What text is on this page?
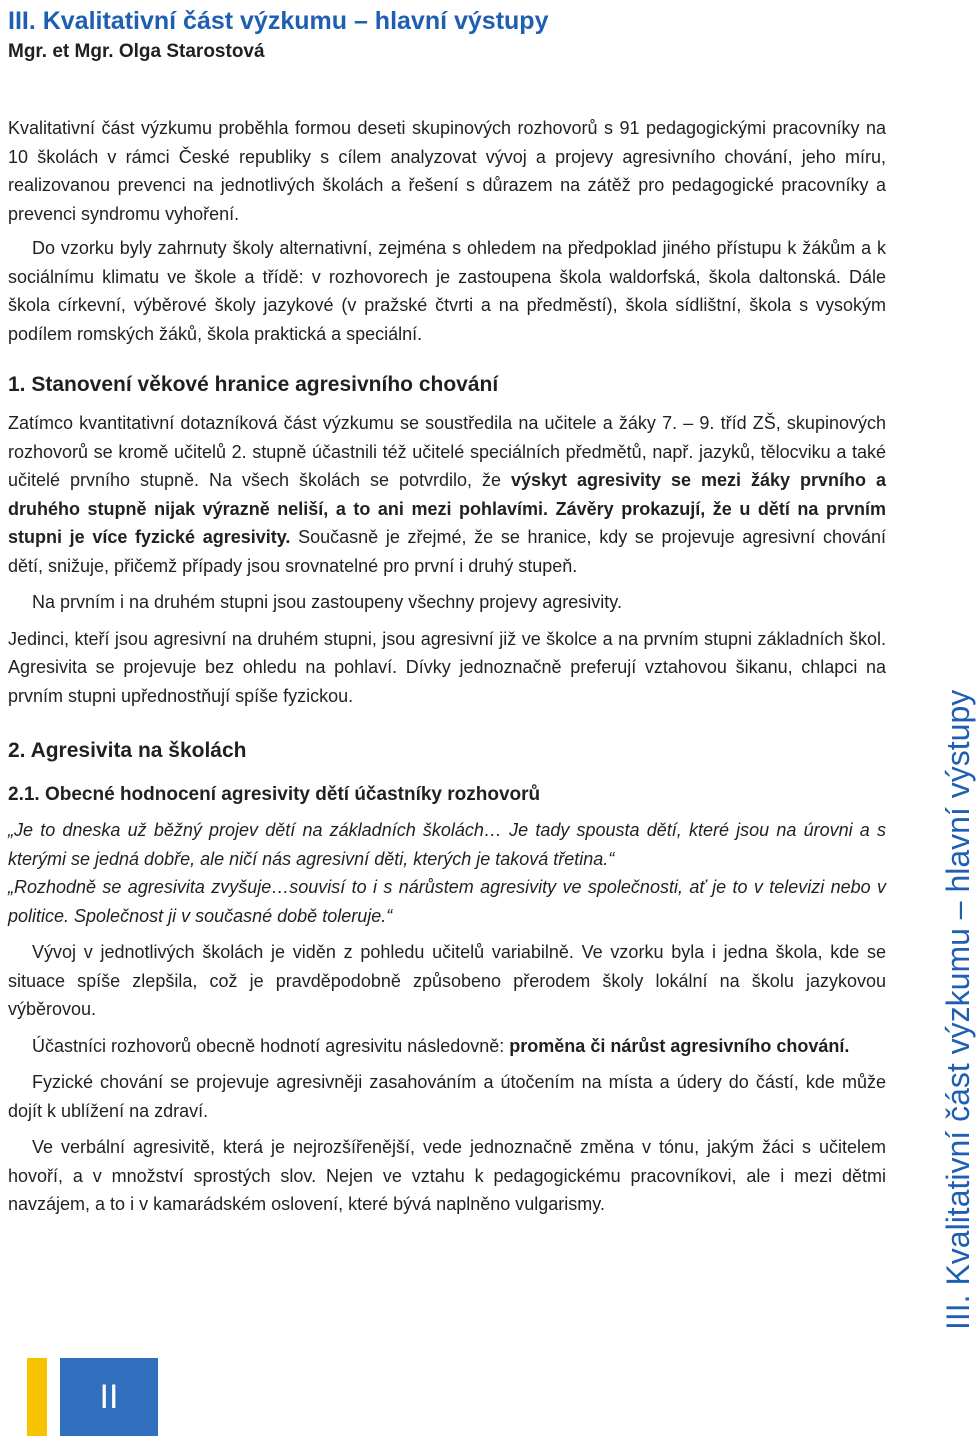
III. Kvalitativní část výzkumu – hlavní výstupy

Mgr. et Mgr. Olga Starostová

Kvalitativní část výzkumu proběhla formou deseti skupinových rozhovorů s 91 pedagogickými pracovníky na 10 školách v rámci České republiky s cílem analyzovat vývoj a projevy agresivního chování, jeho míru, realizovanou prevenci na jednotlivých školách a řešení s důrazem na zátěž pro pedagogické pracovníky a prevenci syndromu vyhoření.

Do vzorku byly zahrnuty školy alternativní, zejména s ohledem na předpoklad jiného přístupu k žákům a k sociálnímu klimatu ve škole a třídě: v rozhovorech je zastoupena škola waldorfská, škola daltonská. Dále škola církevní, výběrové školy jazykové (v pražské čtvrti a na předměstí), škola sídlištní, škola s vysokým podílem romských žáků, škola praktická a speciální.

1. Stanovení věkové hranice agresivního chování

Zatímco kvantitativní dotazníková část výzkumu se soustředila na učitele a žáky 7. – 9. tříd ZŠ, skupinových rozhovorů se kromě učitelů 2. stupně účastnili též učitelé speciálních předmětů, např. jazyků, tělocviku a také učitelé prvního stupně. Na všech školách se potvrdilo, že výskyt agresivity se mezi žáky prvního a druhého stupně nijak výrazně neliší, a to ani mezi pohlavími. Závěry prokazují, že u dětí na prvním stupni je více fyzické agresivity. Současně je zřejmé, že se hranice, kdy se projevuje agresivní chování dětí, snižuje, přičemž případy jsou srovnatelné pro první i druhý stupeň.

Na prvním i na druhém stupni jsou zastoupeny všechny projevy agresivity.

Jedinci, kteří jsou agresivní na druhém stupni, jsou agresivní již ve školce a na prvním stupni základních škol. Agresivita se projevuje bez ohledu na pohlaví. Dívky jednoznačně preferují vztahovou šikanu, chlapci na prvním stupni upřednostňují spíše fyzickou.

2. Agresivita na školách
2.1. Obecné hodnocení agresivity dětí účastníky rozhovorů

„Je to dneska už běžný projev dětí na základních školách… Je tady spousta dětí, které jsou na úrovni a s kterými se jedná dobře, ale ničí nás agresivní děti, kterých je taková třetina.“

„Rozhodně se agresivita zvyšuje…souvisí to i s nárůstem agresivity ve společnosti, ať je to v televizi nebo v politice. Společnost ji v současné době toleruje.“

Vývoj v jednotlivých školách je viděn z pohledu učitelů variabilně. Ve vzorku byla i jedna škola, kde se situace spíše zlepšila, což je pravděpodobně způsobeno přerodem školy lokální na školu jazykovou výběrovou.

Účastníci rozhovorů obecně hodnotí agresivitu následovně: proměna či nárůst agresivního chování.

Fyzické chování se projevuje agresivněji zasahováním a útočením na místa a údery do částí, kde může dojít k ublížení na zdraví.

Ve verbální agresivitě, která je nejrozšířenější, vede jednoznačně změna v tónu, jakým žáci s učitelem hovoří, a v množství sprostých slov. Nejen ve vztahu k pedagogickému pracovníkovi, ale i mezi dětmi navzájem, a to i v kamarádském oslovení, které bývá naplněno vulgarismy.	III. Kvalitativní část výzkumu – hlavní výstupy
II
